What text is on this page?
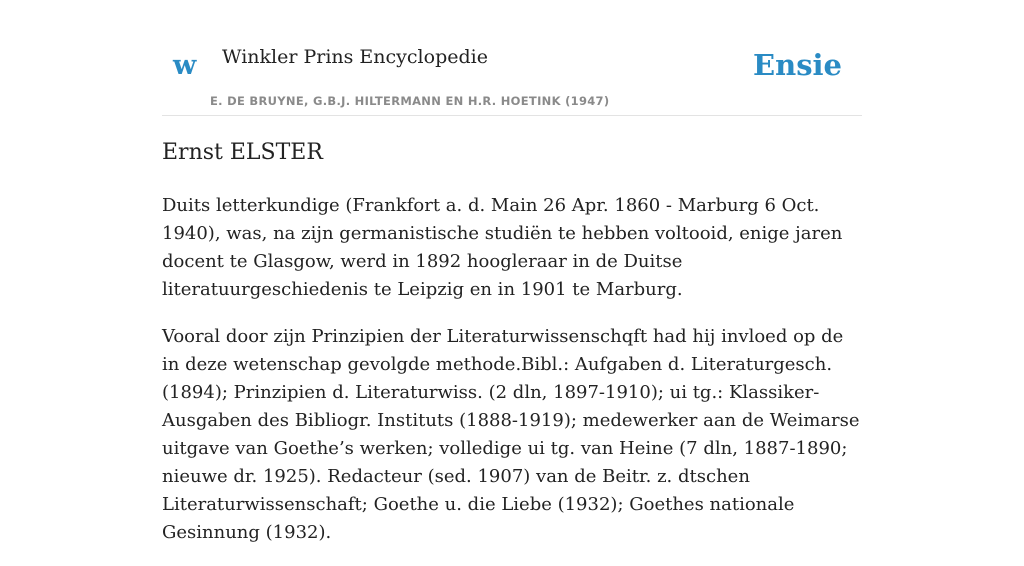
w Winkler Prins Encyclopedie
E. DE BRUYNE, G.B.J. HILTERMANN EN H.R. HOETINK (1947)
Ensie
Ernst ELSTER

Duits letterkundige (Frankfort a. d. Main 26 Apr. 1860 - Marburg 6 Oct. 1940), was, na zijn germanistische studiën te hebben voltooid, enige jaren docent te Glasgow, werd in 1892 hoogleraar in de Duitse literatuurgeschiedenis te Leipzig en in 1901 te Marburg.

Vooral door zijn Prinzipien der Literaturwissenschqft had hij invloed op de in deze wetenschap gevolgde methode.Bibl.: Aufgaben d. Literaturgesch. (1894); Prinzipien d. Literaturwiss. (2 dln, 1897-1910); ui tg.: Klassiker-Ausgaben des Bibliogr. Instituts (1888-1919); medewerker aan de Weimarse uitgave van Goethe’s werken; volledige ui tg. van Heine (7 dln, 1887-1890; nieuwe dr. 1925). Redacteur (sed. 1907) van de Beitr. z. dtschen Literaturwissenschaft; Goethe u. die Liebe (1932); Goethes nationale Gesinnung (1932).
